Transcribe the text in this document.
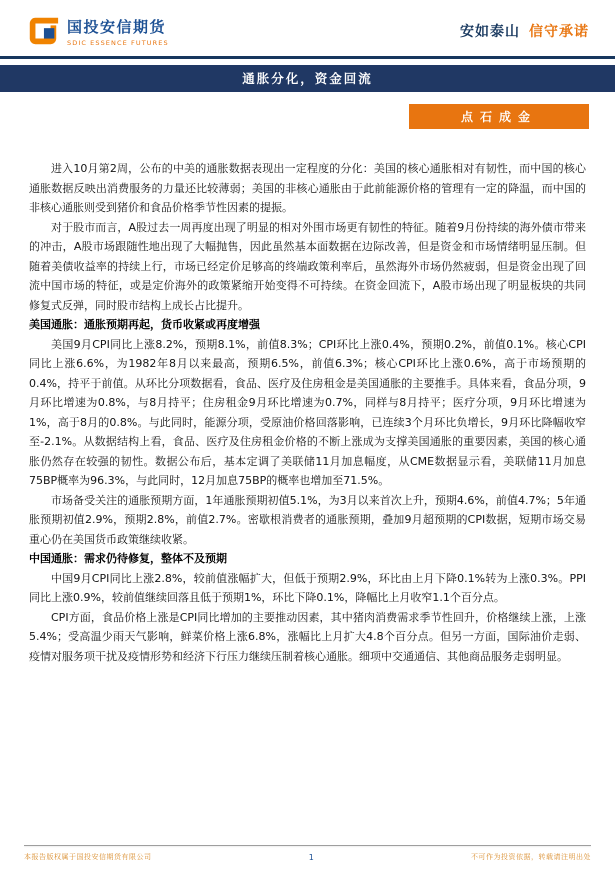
国投安信期货
SDIC ESSENCE FUTURES
安如泰山 信守承诺
通胀分化，资金回流
点石成金

进入10月第2周，公布的中美的通胀数据表现出一定程度的分化：美国的核心通胀相对有韧性，而中国的核心通胀数据反映出消费服务的力量还比较薄弱；美国的非核心通胀由于此前能源价格的管理有一定的降温，而中国的非核心通胀则受到猪价和食品价格季节性因素的提振。

对于股市而言，A股过去一周再度出现了明显的相对外围市场更有韧性的特征。随着9月份持续的海外债市带来的冲击，A股市场跟随性地出现了大幅抛售，因此虽然基本面数据在边际改善，但是资金和市场情绪明显压制。但随着美债收益率的持续上行，市场已经定价足够高的终端政策利率后，虽然海外市场仍然疲弱，但是资金出现了回流中国市场的特征，或是定价海外的政策紧缩开始变得不可持续。在资金回流下，A股市场出现了明显板块的共同修复式反弹，同时股市结构上成长占比提升。

美国通胀：通胀预期再起，货币收紧或再度增强

美国9月CPI同比上涨8.2%，预期8.1%，前值8.3%；CPI环比上涨0.4%，预期0.2%，前值0.1%。核心CPI同比上涨6.6%，为1982年8月以来最高，预期6.5%，前值6.3%；核心CPI环比上涨0.6%，高于市场预期的0.4%，持平于前值。从环比分项数据看，食品、医疗及住房租金是美国通胀的主要推手。具体来看，食品分项，9月环比增速为0.8%，与8月持平；住房租金9月环比增速为0.7%，同样与8月持平；医疗分项，9月环比增速为1%，高于8月的0.8%。与此同时，能源分项，受原油价格回落影响，已连续3个月环比负增长，9月环比降幅收窄至-2.1%。从数据结构上看，食品、医疗及住房租金价格的不断上涨成为支撑美国通胀的重要因素，美国的核心通胀仍然存在较强的韧性。数据公布后，基本定调了美联储11月加息幅度，从CME数据显示看，美联储11月加息75BP概率为96.3%，与此同时，12月加息75BP的概率也增加至71.5%。

市场备受关注的通胀预期方面，1年通胀预期初值5.1%，为3月以来首次上升，预期4.6%，前值4.7%；5年通胀预期初值2.9%，预期2.8%，前值2.7%。密歇根消费者的通胀预期，叠加9月超预期的CPI数据，短期市场交易重心仍在美国货币政策继续收紧。

中国通胀：需求仍待修复，整体不及预期

中国9月CPI同比上涨2.8%，较前值涨幅扩大，但低于预期2.9%，环比由上月下降0.1%转为上涨0.3%。PPI同比上涨0.9%，较前值继续回落且低于预期1%，环比下降0.1%，降幅比上月收窄1.1个百分点。

CPI方面，食品价格上涨是CPI同比增加的主要推动因素，其中猪肉消费需求季节性回升，价格继续上涨，上涨5.4%；受高温少雨天气影响，鲜菜价格上涨6.8%，涨幅比上月扩大4.8个百分点。但另一方面，国际油价走弱、疫情对服务项干扰及疫情形势和经济下行压力继续压制着核心通胀。细项中交通通信、其他商品服务走弱明显。

本报告版权属于国投安信期货有限公司	1	不可作为投资依据，转载请注明出处
